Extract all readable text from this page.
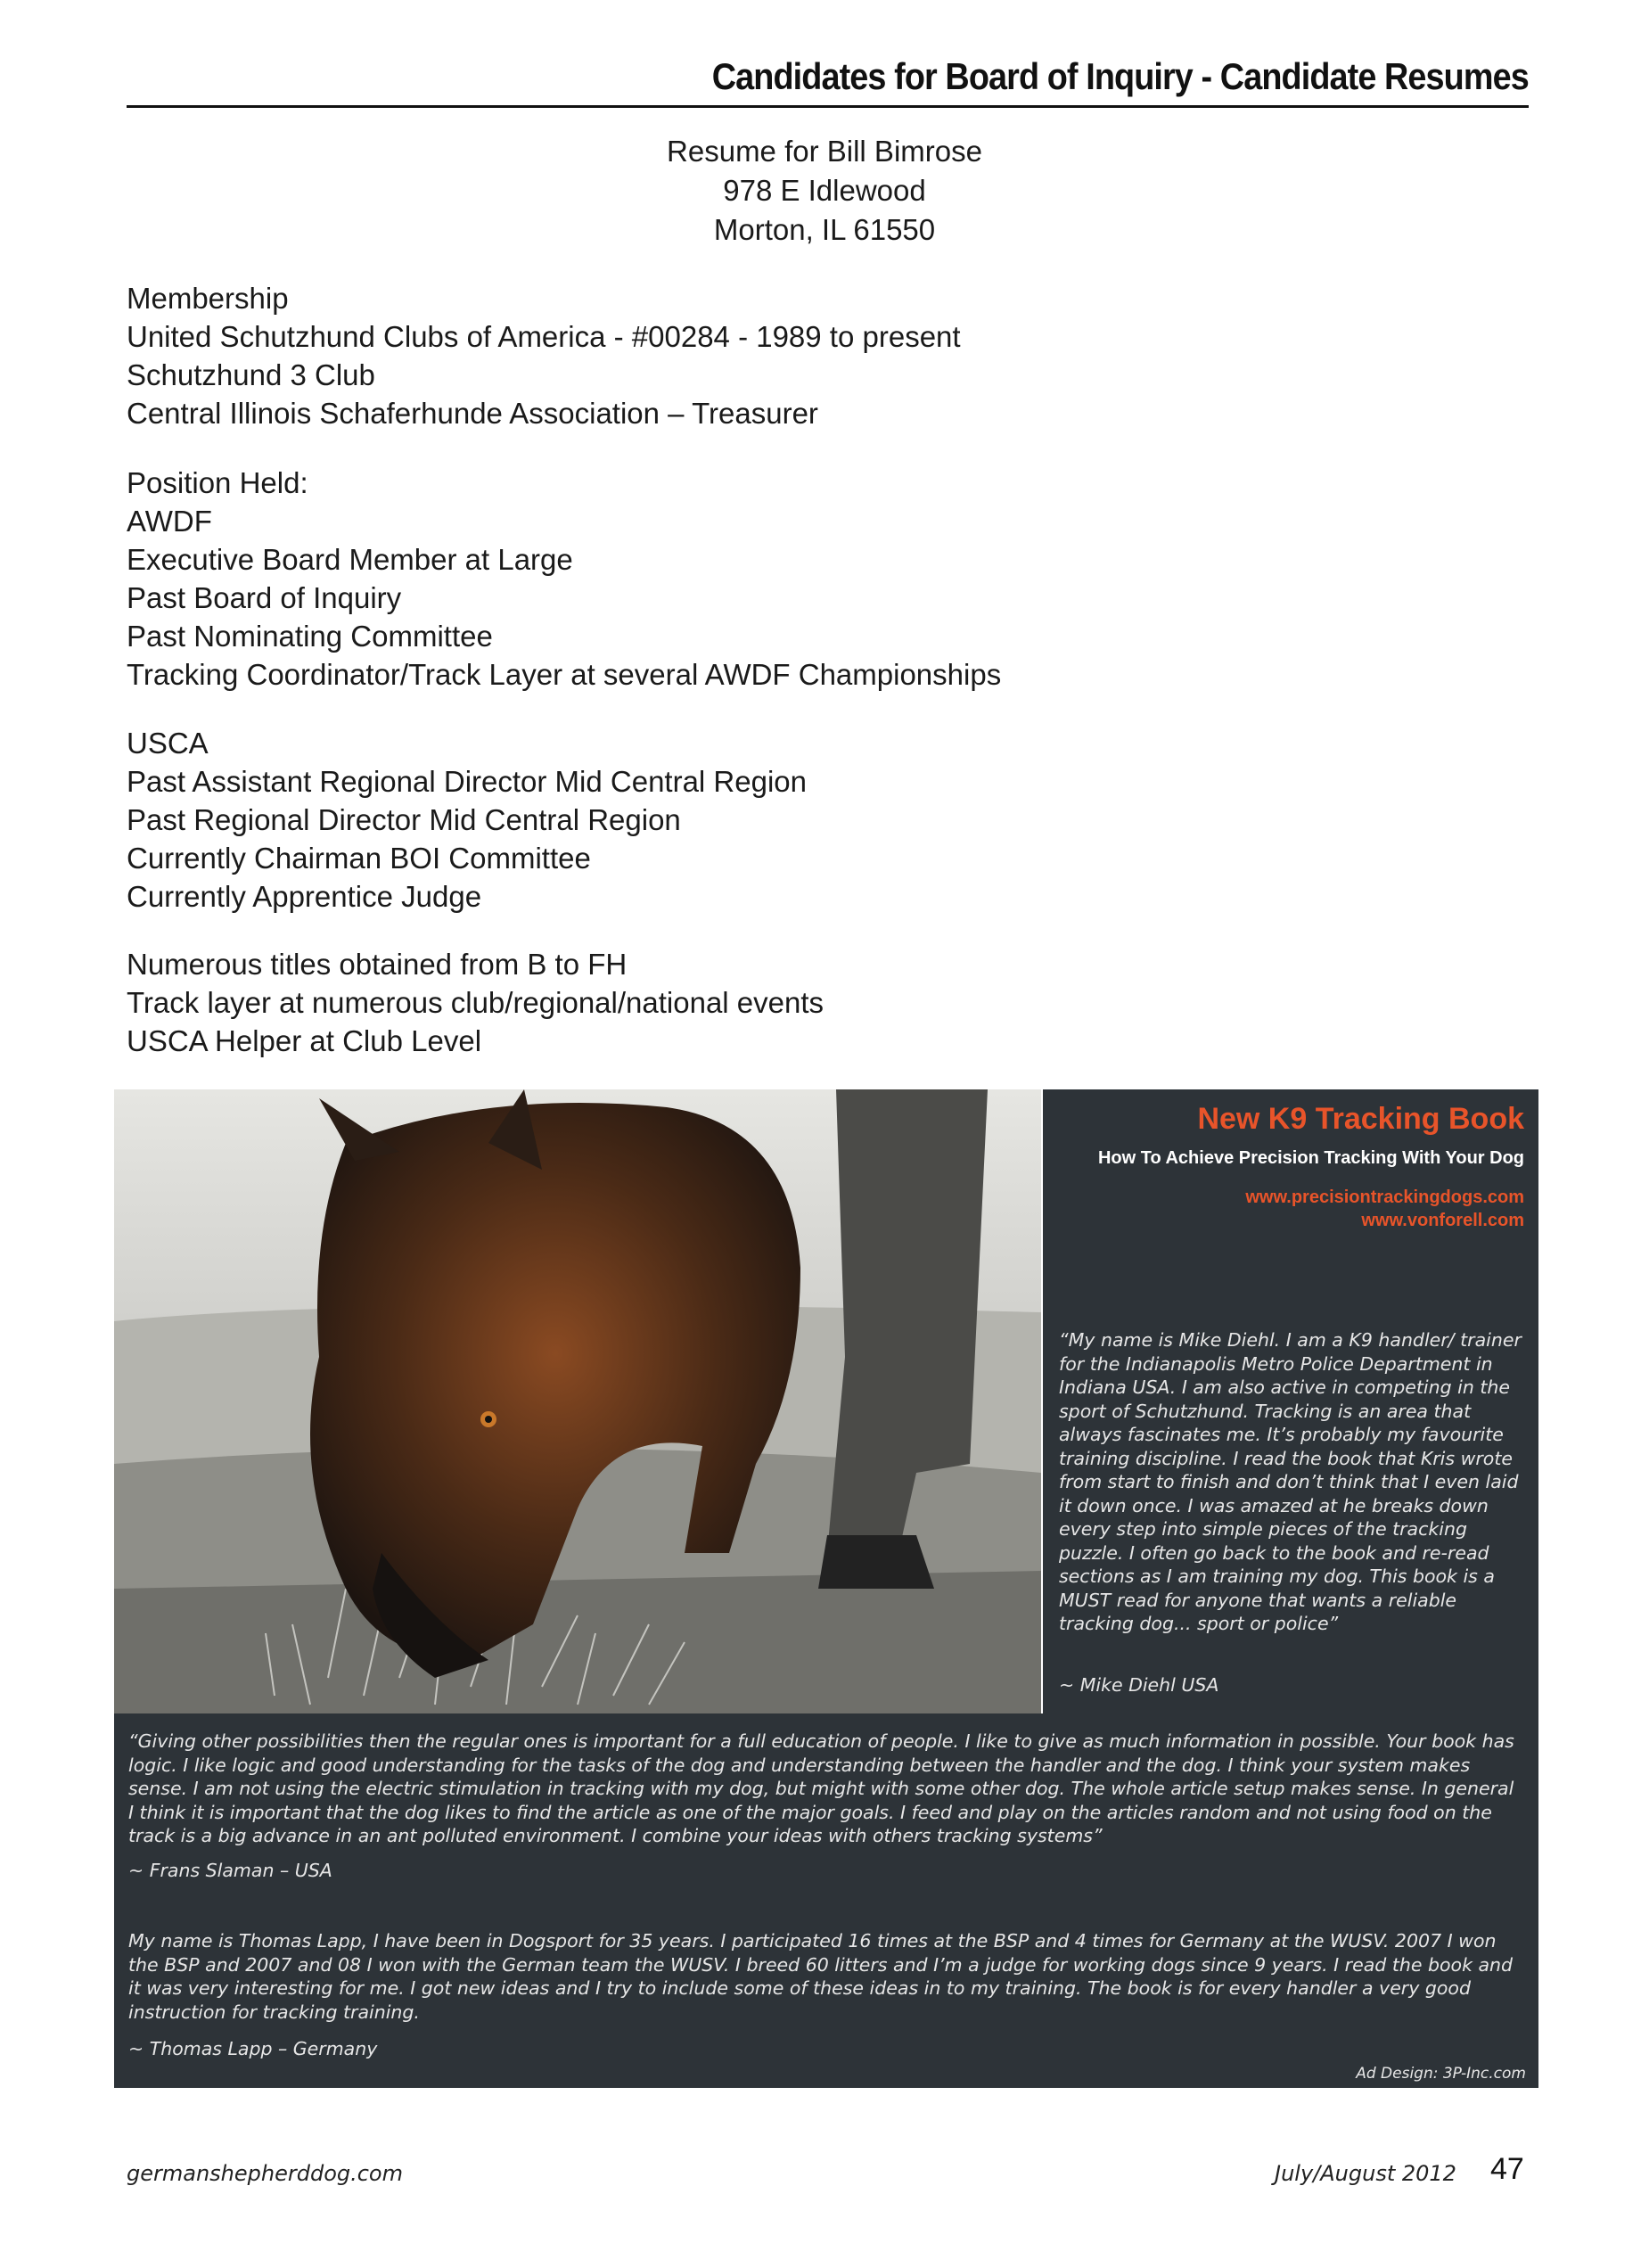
Candidates for Board of Inquiry - Candidate Resumes
Resume for Bill Bimrose
978 E Idlewood
Morton, IL 61550
Membership
United Schutzhund Clubs of America - #00284 - 1989 to present
Schutzhund 3 Club
Central Illinois Schaferhunde Association – Treasurer
Position Held:
AWDF
Executive Board Member at Large
Past Board of Inquiry
Past Nominating Committee
Tracking Coordinator/Track Layer at several AWDF Championships
USCA
Past Assistant Regional Director Mid Central Region
Past Regional Director Mid Central Region
Currently Chairman BOI Committee
Currently Apprentice Judge
Numerous titles obtained from B to FH
Track layer at numerous club/regional/national events
USCA Helper at Club Level
New K9 Tracking Book
How To Achieve Precision Tracking With Your Dog
www.precisiontrackingdogs.com
www.vonforell.com
“My name is Mike Diehl. I am a K9 handler/ trainer for the Indianapolis Metro Police Department in Indiana USA. I am also active in competing in the sport of Schutzhund. Tracking is an area that always fascinates me. It’s probably my favourite training discipline. I read the book that Kris wrote from start to finish and don’t think that I even laid it down once. I was amazed at he breaks down every step into simple pieces of the tracking puzzle. I often go back to the book and re-read sections as I am training my dog. This book is a MUST read for anyone that wants a reliable tracking dog... sport or police”
~ Mike Diehl USA
“Giving other possibilities then the regular ones is important for a full education of people. I like to give as much information in possible. Your book has logic. I like logic and good understanding for the tasks of the dog and understanding between the handler and the dog. I think your system makes sense. I am not using the electric stimulation in tracking with my dog, but might with some other dog. The whole article setup makes sense. In general I think it is important that the dog likes to find the article as one of the major goals. I feed and play on the articles random and not using food on the track is a big advance in an ant polluted environment. I combine your ideas with others tracking systems”
~ Frans Slaman – USA
My name is Thomas Lapp, I have been in Dogsport for 35 years. I participated 16 times at the BSP and 4 times for Germany at the WUSV. 2007 I won the BSP and 2007 and 08 I won with the German team the WUSV. I breed 60 litters and I’m a judge for working dogs since 9 years. I read the book and it was very interesting for me. I got new ideas and I try to include some of these ideas in to my training. The book is for every handler a very good instruction for tracking training.
~ Thomas Lapp – Germany
Ad Design: 3P-Inc.com
germanshepherddog.com	July/August 2012 47
